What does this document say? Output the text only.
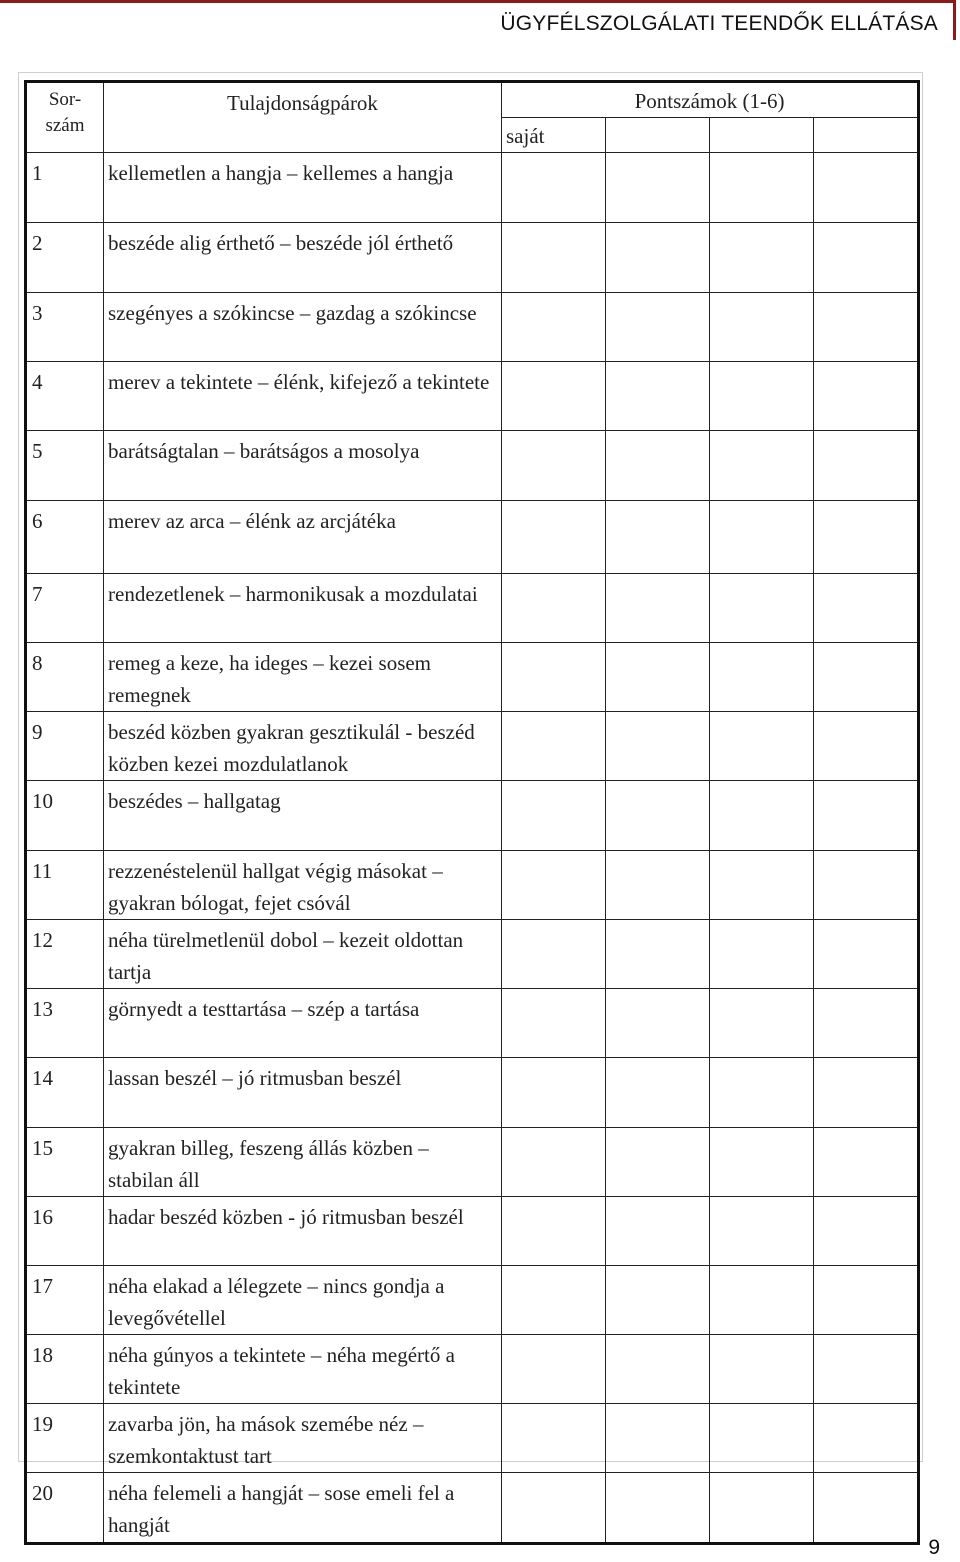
ÜGYFÉLSZOLGÁLATI TEENDŐK ELLÁTÁSA
Sor-
szám	Tulajdonságpárok	Pontszámok (1-6)			
		saját			
1	kellemetlen a hangja – kellemes a hangja				
2	beszéde alig érthető – beszéde jól érthető				
3	szegényes a szókincse – gazdag a szókincse				
4	merev a tekintete – élénk, kifejező a tekintete				
5	barátságtalan – barátságos a mosolya				
6	merev az arca – élénk az arcjátéka				
7	rendezetlenek – harmonikusak a mozdulatai				
8	remeg a keze, ha ideges – kezei sosem remegnek				
9	beszéd közben gyakran gesztikulál - beszéd közben kezei mozdulatlanok				
10	beszédes – hallgatag				
11	rezzenéstelenül hallgat végig másokat – gyakran bólogat, fejet csóvál				
12	néha türelmetlenül dobol – kezeit oldottan tartja				
13	görnyedt a testtartása – szép a tartása				
14	lassan beszél – jó ritmusban beszél				
15	gyakran billeg, feszeng állás közben – stabilan áll				
16	hadar beszéd közben - jó ritmusban beszél				
17	néha elakad a lélegzete – nincs gondja a levegővétellel				
18	néha gúnyos a tekintete – néha megértő a tekintete				
19	zavarba jön, ha mások szemébe néz – szemkontaktust tart				
20	néha felemeli a hangját – sose emeli fel a hangját				
9
